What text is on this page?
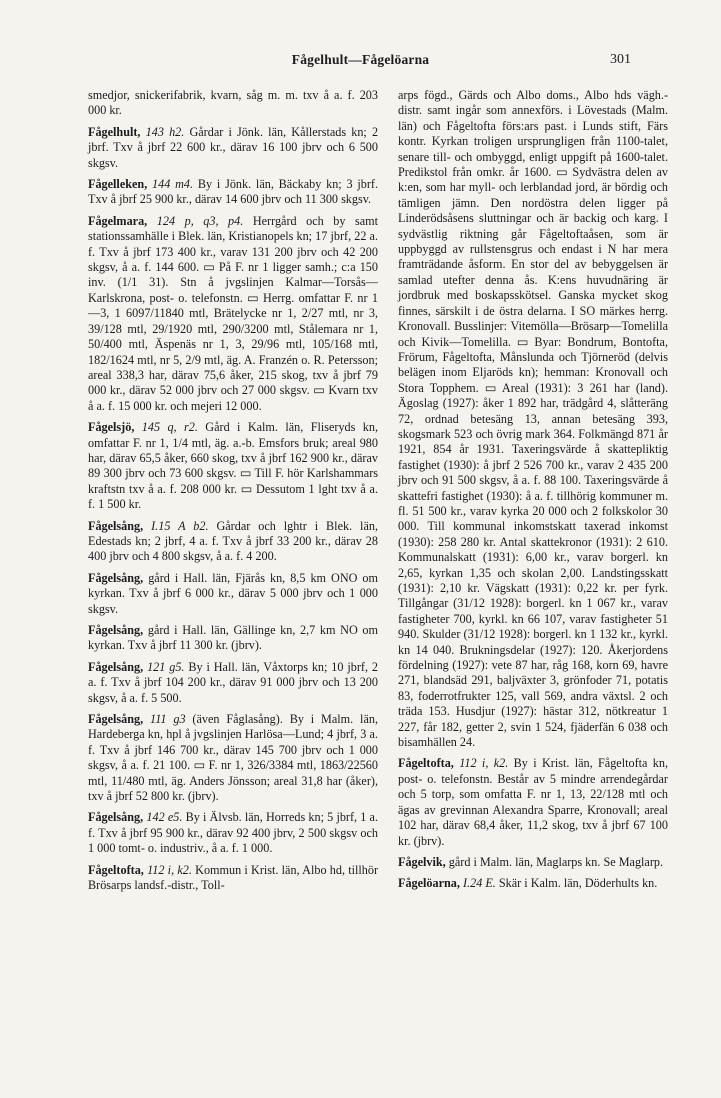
Fågelhult—Fågelöarna	301

smedjor, snickerifabrik, kvarn, såg m. m. txv å a. f. 203 000 kr.

Fågelhult, 143 h2. Gårdar i Jönk. län, Kållerstads kn; 2 jbrf. Txv å jbrf 22 600 kr., därav 16 100 jbrv och 6 500 skgsv.

Fågelleken, 144 m4. By i Jönk. län, Bäckaby kn; 3 jbrf. Txv å jbrf 25 900 kr., därav 14 600 jbrv och 11 300 skgsv.

Fågelmara, 124 p, q3, p4. Herrgård och by samt stationssamhälle i Blek. län, Kristianopels kn; 17 jbrf, 22 a. f. Txv å jbrf 173 400 kr., varav 131 200 jbrv och 42 200 skgsv, å a. f. 144 600. ▭ På F. nr 1 ligger samh.; c:a 150 inv. (1/1 31). Stn å jvgslinjen Kalmar—Torsås—Karlskrona, post- o. telefonstn. ▭ Herrg. omfattar F. nr 1—3, 1 6097/11840 mtl, Brätelycke nr 1, 2/27 mtl, nr 3, 39/128 mtl, 29/1920 mtl, 290/3200 mtl, Stålemara nr 1, 50/400 mtl, Äspenäs nr 1, 3, 29/96 mtl, 105/168 mtl, 182/1624 mtl, nr 5, 2/9 mtl, äg. A. Franzén o. R. Petersson; areal 338,3 har, därav 75,6 åker, 215 skog, txv å jbrf 79 000 kr., därav 52 000 jbrv och 27 000 skgsv. ▭ Kvarn txv å a. f. 15 000 kr. och mejeri 12 000.

Fågelsjö, 145 q, r2. Gård i Kalm. län, Fliseryds kn, omfattar F. nr 1, 1/4 mtl, äg. a.-b. Emsfors bruk; areal 980 har, därav 65,5 åker, 660 skog, txv å jbrf 162 900 kr., därav 89 300 jbrv och 73 600 skgsv. ▭ Till F. hör Karlshammars kraftstn txv å a. f. 208 000 kr. ▭ Dessutom 1 lght txv å a. f. 1 500 kr.

Fågelsång, I.15 A b2. Gårdar och lghtr i Blek. län, Edestads kn; 2 jbrf, 4 a. f. Txv å jbrf 33 200 kr., därav 28 400 jbrv och 4 800 skgsv, å a. f. 4 200.

Fågelsång, gård i Hall. län, Fjärås kn, 8,5 km ONO om kyrkan. Txv å jbrf 6 000 kr., därav 5 000 jbrv och 1 000 skgsv.

Fågelsång, gård i Hall. län, Gällinge kn, 2,7 km NO om kyrkan. Txv å jbrf 11 300 kr. (jbrv).

Fågelsång, 121 g5. By i Hall. län, Våxtorps kn; 10 jbrf, 2 a. f. Txv å jbrf 104 200 kr., därav 91 000 jbrv och 13 200 skgsv, å a. f. 5 500.

Fågelsång, 111 g3 (även Fåglasång). By i Malm. län, Hardeberga kn, hpl å jvgslinjen Harlösa—Lund; 4 jbrf, 3 a. f. Txv å jbrf 146 700 kr., därav 145 700 jbrv och 1 000 skgsv, å a. f. 21 100. ▭ F. nr 1, 326/3384 mtl, 1863/22560 mtl, 11/480 mtl, äg. Anders Jönsson; areal 31,8 har (åker), txv å jbrf 52 800 kr. (jbrv).

Fågelsång, 142 e5. By i Älvsb. län, Horreds kn; 5 jbrf, 1 a. f. Txv å jbrf 95 900 kr., därav 92 400 jbrv, 2 500 skgsv och 1 000 tomt- o. industriv., å a. f. 1 000.

Fågeltofta, 112 i, k2. Kommun i Krist. län, Albo hd, tillhör Brösarps landsf.-distr., Toll-

arps fögd., Gärds och Albo doms., Albo hds vägh.-distr. samt ingår som annexförs. i Lövestads (Malm. län) och Fågeltofta förs:ars past. i Lunds stift, Färs kontr. Kyrkan troligen ursprungligen från 1100-talet, senare till- och ombyggd, enligt uppgift på 1600-talet. Predikstol från omkr. år 1600. ▭ Sydvästra delen av k:en, som har myll- och lerblandad jord, är bördig och tämligen jämn. Den nordöstra delen ligger på Linderödsåsens sluttningar och är backig och karg. I sydvästlig riktning går Fågeltoftaåsen, som är uppbyggd av rullstensgrus och endast i N har mera framträdande åsform. En stor del av bebyggelsen är samlad utefter denna ås. K:ens huvudnäring är jordbruk med boskapsskötsel. Ganska mycket skog finnes, särskilt i de östra delarna. I SO märkes herrg. Kronovall. Busslinjer: Vitemölla—Brösarp—Tomelilla och Kivik—Tomelilla. ▭ Byar: Bondrum, Bontofta, Frörum, Fågeltofta, Månslunda och Tjörneröd (delvis belägen inom Eljaröds kn); hemman: Kronovall och Stora Topphem. ▭ Areal (1931): 3 261 har (land). Ägoslag (1927): åker 1 892 har, trädgård 4, slåtteräng 72, ordnad betesäng 13, annan betesäng 393, skogsmark 523 och övrig mark 364. Folkmängd 871 år 1921, 854 år 1931. Taxeringsvärde å skattepliktig fastighet (1930): å jbrf 2 526 700 kr., varav 2 435 200 jbrv och 91 500 skgsv, å a. f. 88 100. Taxeringsvärde å skattefri fastighet (1930): å a. f. tillhörig kommuner m. fl. 51 500 kr., varav kyrka 20 000 och 2 folkskolor 30 000. Till kommunal inkomstskatt taxerad inkomst (1930): 258 280 kr. Antal skattekronor (1931): 2 610. Kommunalskatt (1931): 6,00 kr., varav borgerl. kn 2,65, kyrkan 1,35 och skolan 2,00. Landstingsskatt (1931): 2,10 kr. Vägskatt (1931): 0,22 kr. per fyrk. Tillgångar (31/12 1928): borgerl. kn 1 067 kr., varav fastigheter 700, kyrkl. kn 66 107, varav fastigheter 51 940. Skulder (31/12 1928): borgerl. kn 1 132 kr., kyrkl. kn 14 040. Brukningsdelar (1927): 120. Åkerjordens fördelning (1927): vete 87 har, råg 168, korn 69, havre 271, blandsäd 291, baljväxter 3, grönfoder 71, potatis 83, foderrotfrukter 125, vall 569, andra växtsl. 2 och träda 153. Husdjur (1927): hästar 312, nötkreatur 1 227, får 182, getter 2, svin 1 524, fjäderfän 6 038 och bisamhällen 24.

Fågeltofta, 112 i, k2. By i Krist. län, Fågeltofta kn, post- o. telefonstn. Består av 5 mindre arrendegårdar och 5 torp, som omfatta F. nr 1, 13, 22/128 mtl och ägas av grevinnan Alexandra Sparre, Kronovall; areal 102 har, därav 68,4 åker, 11,2 skog, txv å jbrf 67 100 kr. (jbrv).

Fågelvik, gård i Malm. län, Maglarps kn. Se Maglarp.

Fågelöarna, I.24 E. Skär i Kalm. län, Döderhults kn.
